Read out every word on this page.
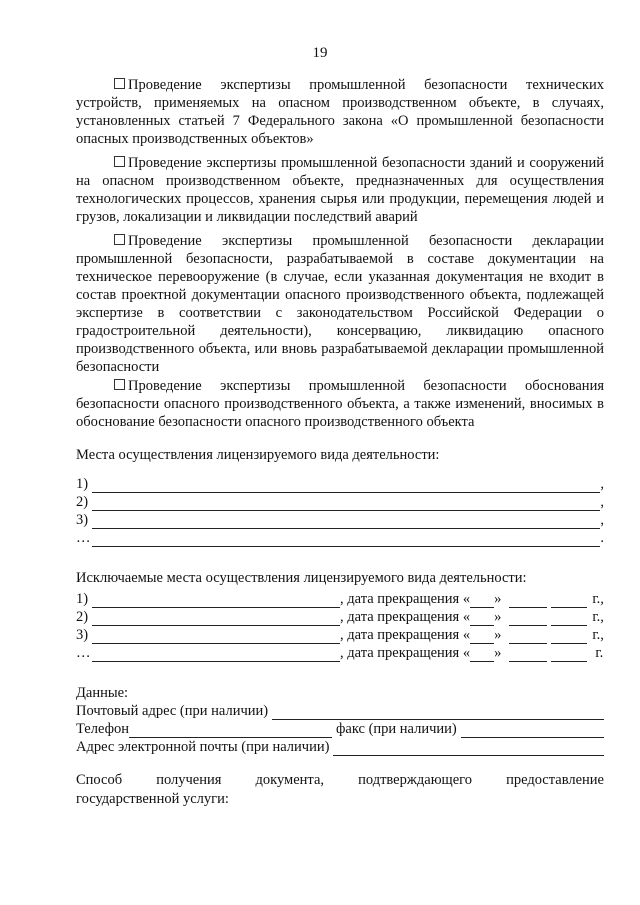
19
Проведение экспертизы промышленной безопасности технических устройств, применяемых на опасном производственном объекте, в случаях, установленных статьей 7 Федерального закона «О промышленной безопасности опасных производственных объектов»
Проведение экспертизы промышленной безопасности зданий и сооружений на опасном производственном объекте, предназначенных для осуществления технологических процессов, хранения сырья или продукции, перемещения людей и грузов, локализации и ликвидации последствий аварий
Проведение экспертизы промышленной безопасности декларации промышленной безопасности, разрабатываемой в составе документации на техническое перевооружение (в случае, если указанная документация не входит в состав проектной документации опасного производственного объекта, подлежащей экспертизе в соответствии с законодательством Российской Федерации о градостроительной деятельности), консервацию, ликвидацию опасного производственного объекта, или вновь разрабатываемой декларации промышленной безопасности
Проведение экспертизы промышленной безопасности обоснования безопасности опасного производственного объекта, а также изменений, вносимых в обоснование безопасности опасного производственного объекта
Места осуществления лицензируемого вида деятельности:
1)	,
2)	,
3)	,
…	.
Исключаемые места осуществления лицензируемого вида деятельности:
1)	, дата прекращения « »	г.,
2)	, дата прекращения « »	г.,
3)	, дата прекращения « »	г.,
…	, дата прекращения « »	г.
Данные:
Почтовый адрес (при наличии)
Телефон	факс (при наличии)
Адрес электронной почты (при наличии)
Способ получения документа, подтверждающего предоставление
государственной услуги:
